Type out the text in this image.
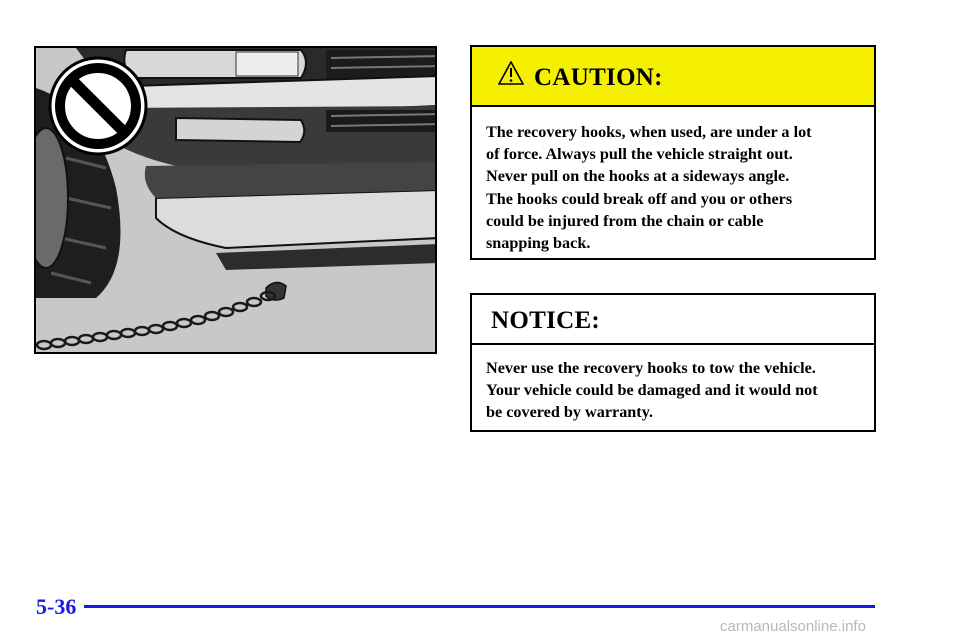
CAUTION:
The recovery hooks, when used, are under a lot
of force. Always pull the vehicle straight out.
Never pull on the hooks at a sideways angle.
The hooks could break off and you or others
could be injured from the chain or cable
snapping back.
NOTICE:
Never use the recovery hooks to tow the vehicle.
Your vehicle could be damaged and it would not
be covered by warranty.
5-36
carmanualsonline.info
